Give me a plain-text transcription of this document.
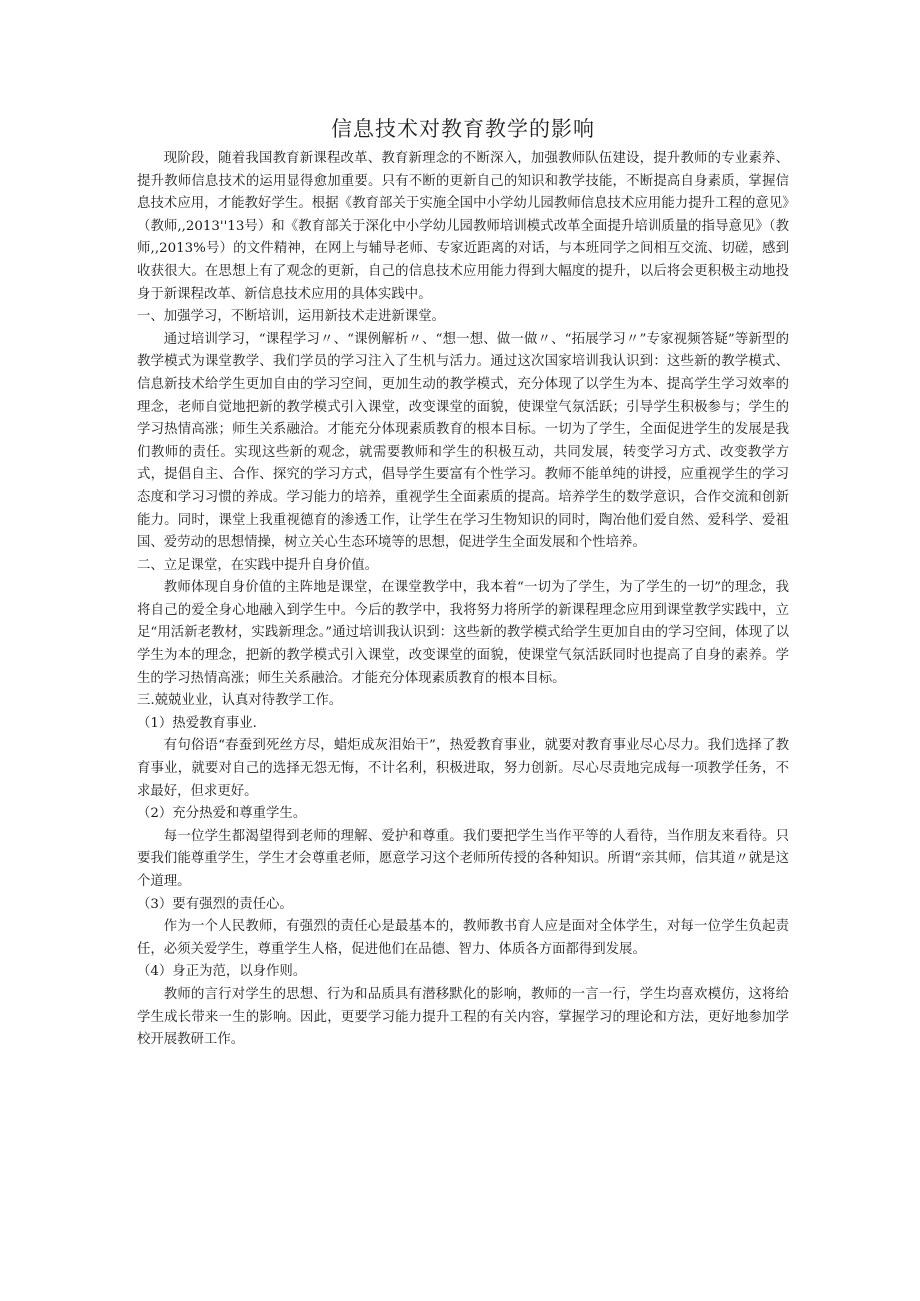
信息技术对教育教学的影响

现阶段，随着我国教育新课程改革、教育新理念的不断深入，加强教师队伍建设，提升教师的专业素养、提升教师信息技术的运用显得愈加重要。只有不断的更新自己的知识和教学技能，不断提高自身素质，掌握信息技术应用，才能教好学生。根据《教育部关于实施全国中小学幼儿园教师信息技术应用能力提升工程的意见》（教师,,2013''13号）和《教育部关于深化中小学幼儿园教师培训模式改革全面提升培训质量的指导意见》（教师,,2013%号）的文件精神，在网上与辅导老师、专家近距离的对话，与本班同学之间相互交流、切磋，感到收获很大。在思想上有了观念的更新，自己的信息技术应用能力得到大幅度的提升，以后将会更积极主动地投身于新课程改革、新信息技术应用的具体实践中。

一、加强学习，不断培训，运用新技术走进新课堂。

通过培训学习，“课程学习〃、“课例解析〃、“想一想、做一做〃、“拓展学习〃”专家视频答疑”等新型的教学模式为课堂教学、我们学员的学习注入了生机与活力。通过这次国家培训我认识到：这些新的教学模式、信息新技术给学生更加自由的学习空间，更加生动的教学模式，充分体现了以学生为本、提高学生学习效率的理念，老师自觉地把新的教学模式引入课堂，改变课堂的面貌，使课堂气氛活跃；引导学生积极参与；学生的学习热情高涨；师生关系融洽。才能充分体现素质教育的根本目标。一切为了学生，全面促进学生的发展是我们教师的责任。实现这些新的观念，就需要教师和学生的积极互动，共同发展，转变学习方式、改变教学方式，提倡自主、合作、探究的学习方式，倡导学生要富有个性学习。教师不能单纯的讲授，应重视学生的学习态度和学习习惯的养成。学习能力的培养，重视学生全面素质的提高。培养学生的数学意识，合作交流和创新能力。同时，课堂上我重视德育的渗透工作，让学生在学习生物知识的同时，陶冶他们爱自然、爱科学、爱祖国、爱劳动的思想情操，树立关心生态环境等的思想，促进学生全面发展和个性培养。

二、立足课堂，在实践中提升自身价值。

教师体现自身价值的主阵地是课堂，在课堂教学中，我本着“一切为了学生，为了学生的一切”的理念，我将自己的爱全身心地融入到学生中。今后的教学中，我将努力将所学的新课程理念应用到课堂教学实践中，立足“用活新老教材，实践新理念。”通过培训我认识到：这些新的教学模式给学生更加自由的学习空间，体现了以学生为本的理念，把新的教学模式引入课堂，改变课堂的面貌，使课堂气氛活跃同时也提高了自身的素养。学生的学习热情高涨；师生关系融洽。才能充分体现素质教育的根本目标。

三.兢兢业业，认真对待教学工作。

（1）热爱教育事业.

有句俗语“春蚕到死丝方尽，蜡炬成灰泪始干”，热爱教育事业，就要对教育事业尽心尽力。我们选择了教育事业，就要对自己的选择无怨无悔，不计名利，积极进取，努力创新。尽心尽责地完成每一项教学任务，不求最好，但求更好。

（2）充分热爱和尊重学生。

每一位学生都渴望得到老师的理解、爱护和尊重。我们要把学生当作平等的人看待，当作朋友来看待。只要我们能尊重学生，学生才会尊重老师，愿意学习这个老师所传授的各种知识。所谓“亲其师，信其道〃就是这个道理。

（3）要有强烈的责任心。

作为一个人民教师，有强烈的责任心是最基本的，教师教书育人应是面对全体学生，对每一位学生负起责任，必须关爱学生，尊重学生人格，促进他们在品德、智力、体质各方面都得到发展。

（4）身正为范，以身作则。

教师的言行对学生的思想、行为和品质具有潜移默化的影响，教师的一言一行，学生均喜欢模仿，这将给学生成长带来一生的影响。因此，更要学习能力提升工程的有关内容，掌握学习的理论和方法，更好地参加学校开展教研工作。
